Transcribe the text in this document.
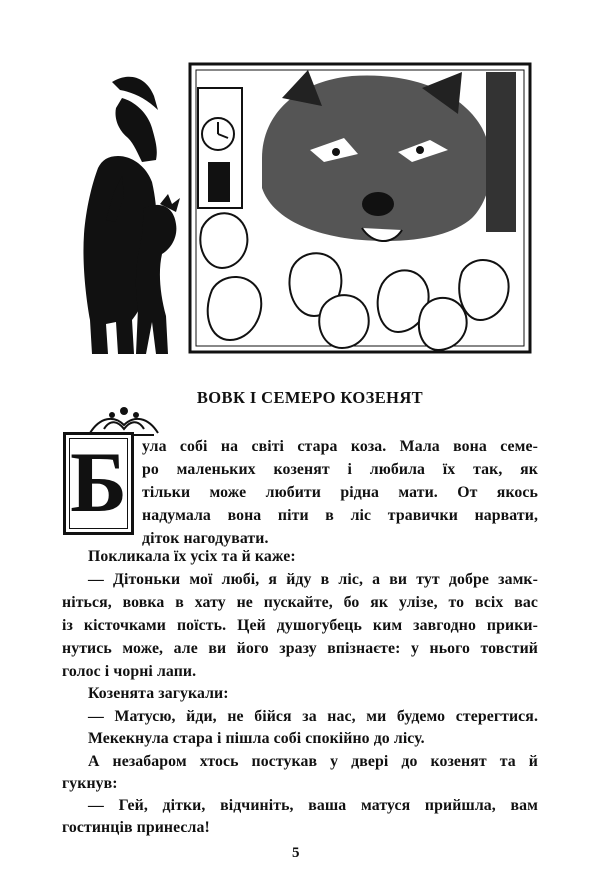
ВОВК І СЕМЕРО КОЗЕНЯТ
Б ула собі на світі стара коза. Мала вона семе-
ро маленьких козенят і любила їх так, як
тільки може любити рідна мати. От якось
надумала вона піти в ліс травички нарвати,
діток нагодувати.
Покликала їх усіх та й каже:
— Дітоньки мої любі, я йду в ліс, а ви тут добре замк-
ніться, вовка в хату не пускайте, бо як улізе, то всіх вас
із кісточками поїсть. Цей душогубець ким завгодно прики-
нутись може, але ви його зразу впізнаєте: у нього товстий
голос і чорні лапи.
Козенята загукали:
— Матусю, йди, не бійся за нас, ми будемо стерегтися.
Мекекнула стара і пішла собі спокійно до лісу.
А незабаром хтось постукав у двері до козенят та й
гукнув:
— Гей, дітки, відчиніть, ваша матуся прийшла, вам
гостинців принесла!
5
